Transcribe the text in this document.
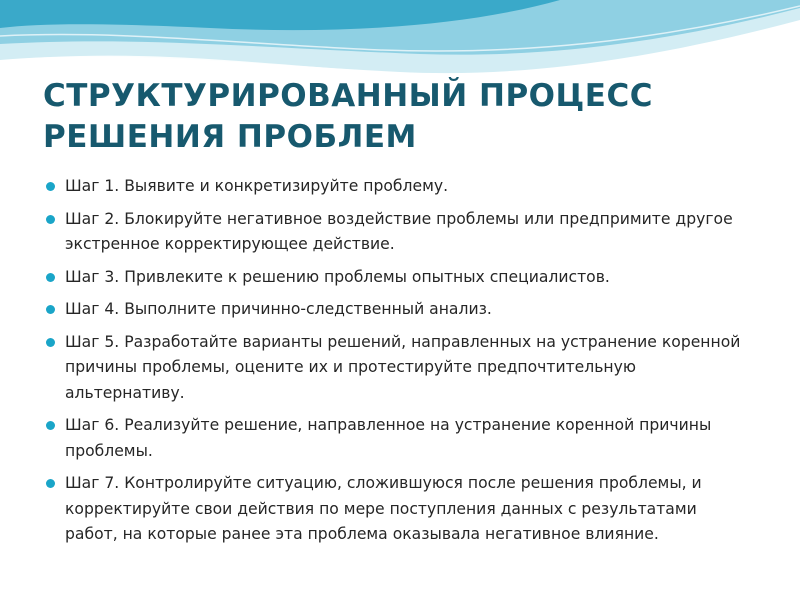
СТРУКТУРИРОВАННЫЙ ПРОЦЕСС
РЕШЕНИЯ ПРОБЛЕМ
Шаг 1. Выявите и конкретизируйте проблему.
Шаг 2. Блокируйте негативное воздействие проблемы или предпримите другое экстренное корректирующее действие.
Шаг 3. Привлеките к решению проблемы опытных специалистов.
Шаг 4. Выполните причинно-следственный анализ.
Шаг 5. Разработайте варианты решений, направленных на устранение коренной причины проблемы, оцените их и протестируйте предпочтительную альтернативу.
Шаг 6. Реализуйте решение, направленное на устранение коренной причины проблемы.
Шаг 7. Контролируйте ситуацию, сложившуюся после решения проблемы, и корректируйте свои действия по мере поступления данных с результатами работ, на которые ранее эта проблема оказывала негативное влияние.
